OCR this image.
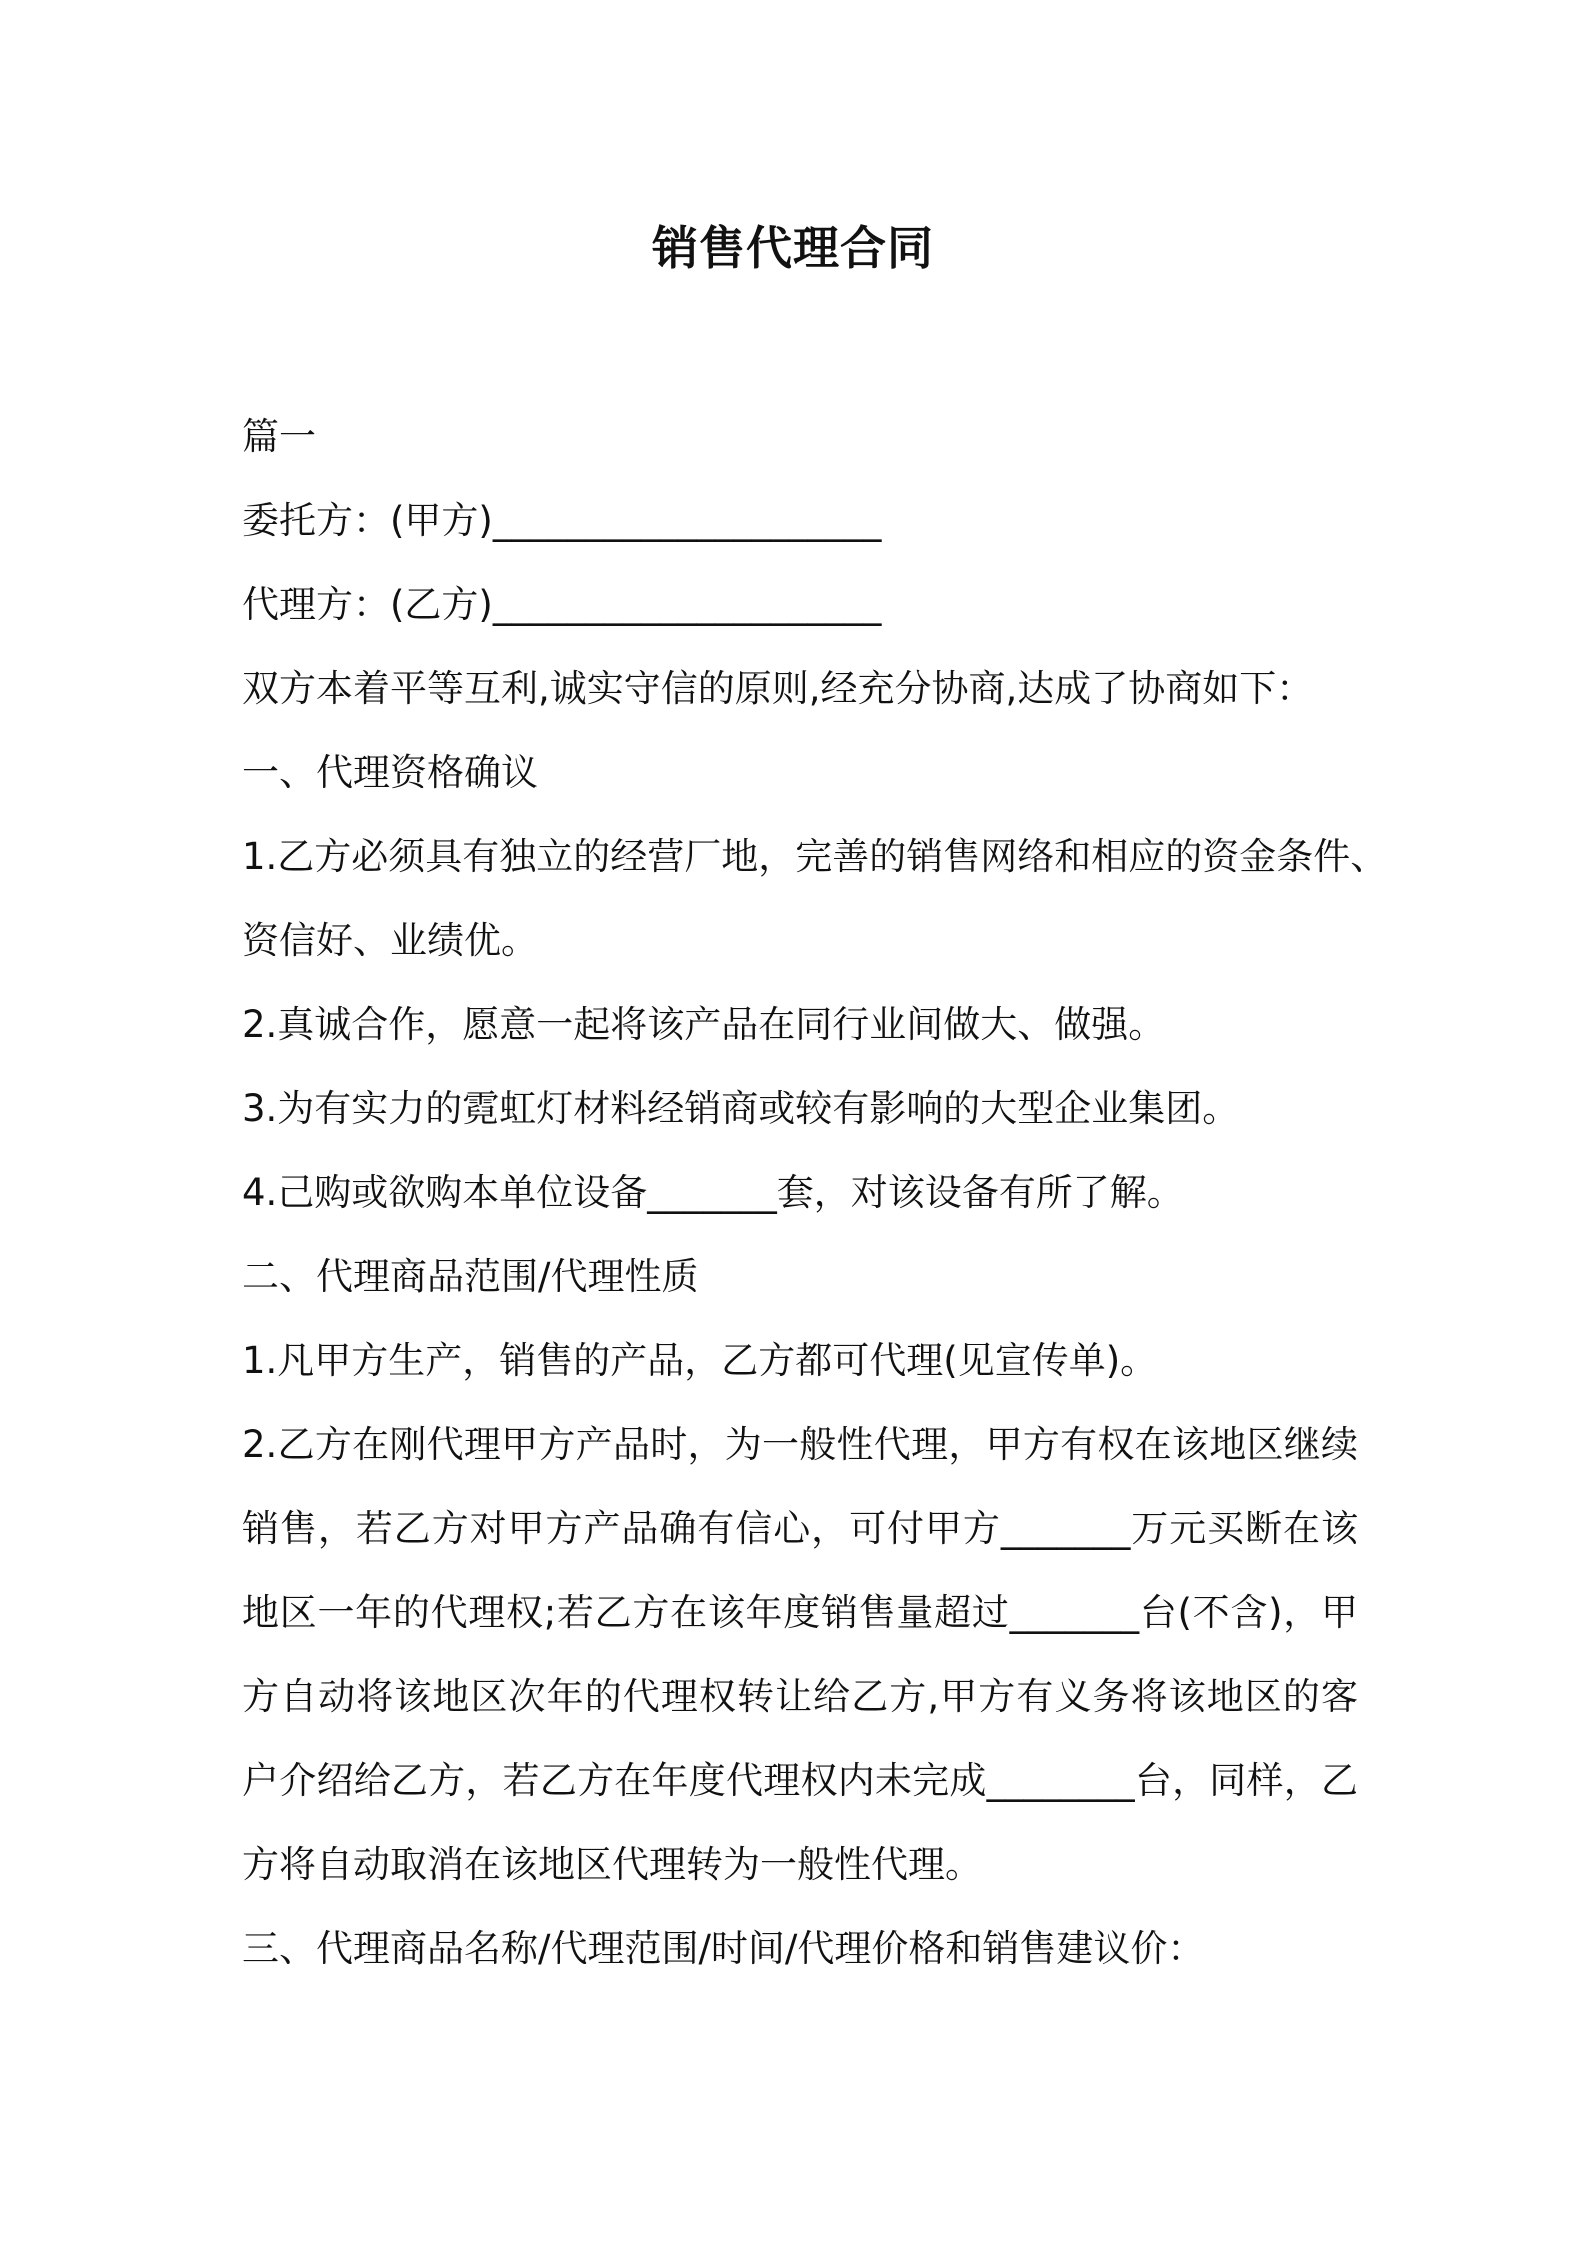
销售代理合同
篇一
委托方：(甲方)_____________________
代理方：(乙方)_____________________
双方本着平等互利,诚实守信的原则,经充分协商,达成了协商如下：
一、代理资格确议
1.乙方必须具有独立的经营厂地，完善的销售网络和相应的资金条件、
资信好、业绩优。
2.真诚合作，愿意一起将该产品在同行业间做大、做强。
3.为有实力的霓虹灯材料经销商或较有影响的大型企业集团。
4.己购或欲购本单位设备_______套，对该设备有所了解。
二、代理商品范围/代理性质
1.凡甲方生产，销售的产品，乙方都可代理(见宣传单)。
2.乙方在刚代理甲方产品时，为一般性代理，甲方有权在该地区继续
销售，若乙方对甲方产品确有信心，可付甲方_______万元买断在该
地区一年的代理权;若乙方在该年度销售量超过_______台(不含)，甲
方自动将该地区次年的代理权转让给乙方,甲方有义务将该地区的客
户介绍给乙方，若乙方在年度代理权内未完成________台，同样，乙
方将自动取消在该地区代理转为一般性代理。
三、代理商品名称/代理范围/时间/代理价格和销售建议价：
